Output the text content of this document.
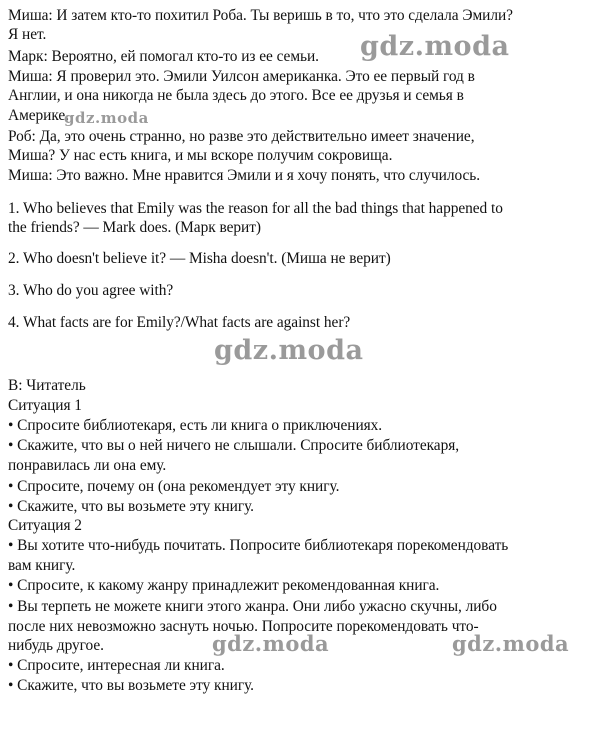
Миша: И затем кто-то похитил Роба. Ты веришь в то, что это сделала Эмили?
Я нет.
Марк: Вероятно, ей помогал кто-то из ее семьи.
Миша: Я проверил это. Эмили Уилсон американка. Это ее первый год в
Англии, и она никогда не была здесь до этого. Все ее друзья и семья в
Америке.
Роб: Да, это очень странно, но разве это действительно имеет значение,
Миша? У нас есть книга, и мы вскоре получим сокровища.
Миша: Это важно. Мне нравится Эмили и я хочу понять, что случилось.
1. Who believes that Emily was the reason for all the bad things that happened to
the friends? — Mark does. (Марк верит)
2. Who doesn't believe it? — Misha doesn't. (Миша не верит)
3. Who do you agree with?
4. What facts are for Emily?/What facts are against her?
B: Читатель
Ситуация 1
• Спросите библиотекаря, есть ли книга о приключениях.
• Скажите, что вы о ней ничего не слышали. Спросите библиотекаря,
понравилась ли она ему.
• Спросите, почему он (она рекомендует эту книгу.
• Скажите, что вы возьмете эту книгу.
Ситуация 2
• Вы хотите что-нибудь почитать. Попросите библиотекаря порекомендовать
вам книгу.
• Спросите, к какому жанру принадлежит рекомендованная книга.
• Вы терпеть не можете книги этого жанра. Они либо ужасно скучны, либо
после них невозможно заснуть ночью. Попросите порекомендовать что-
нибудь другое.
• Спросите, интересная ли книга.
• Скажите, что вы возьмете эту книгу.
gdz.moda
gdz.moda
gdz.moda
gdz.moda	gdz.moda
